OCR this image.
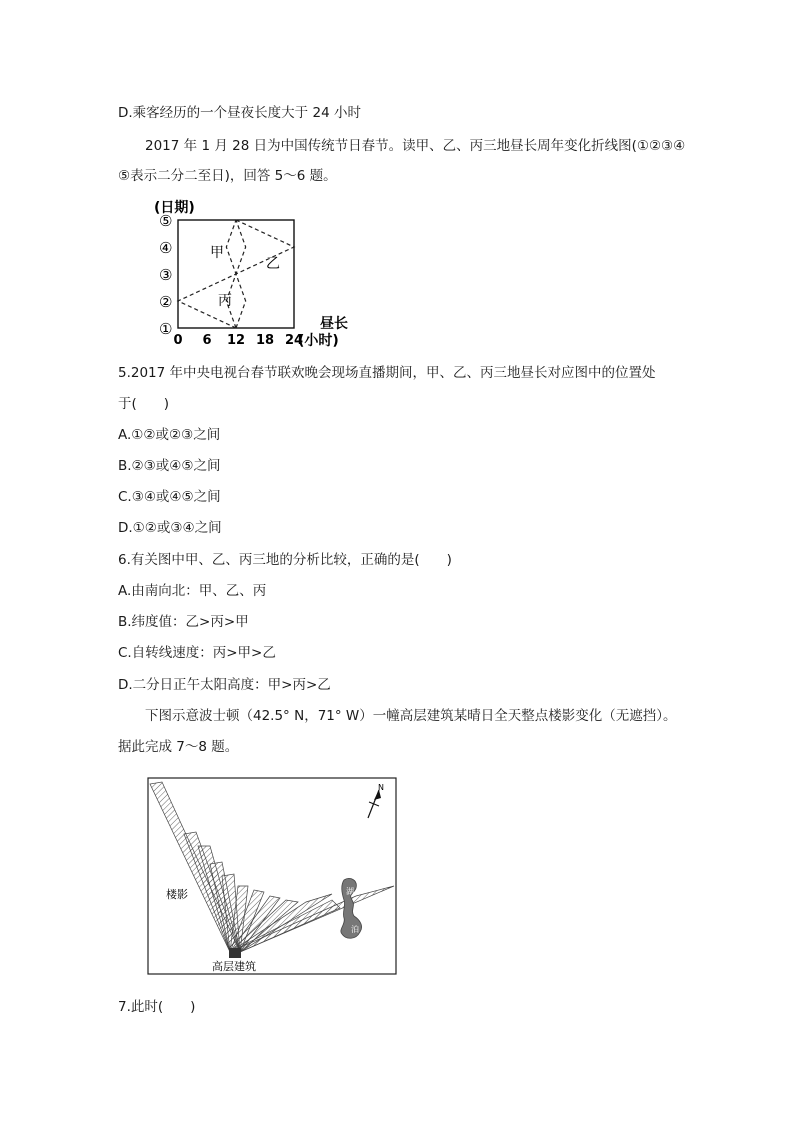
D.乘客经历的一个昼夜长度大于 24 小时
2017 年 1 月 28 日为中国传统节日春节。读甲、乙、丙三地昼长周年变化折线图(①②③④
⑤表示二分二至日)，回答 5～6 题。
(日期)
①
②
③
④
⑤
0 6 12 18 24
甲
乙
丙
昼长
(小时)
5.2017 年中央电视台春节联欢晚会现场直播期间，甲、乙、丙三地昼长对应图中的位置处
于(　　)
A.①②或②③之间
B.②③或④⑤之间
C.③④或④⑤之间
D.①②或③④之间
6.有关图中甲、乙、丙三地的分析比较，正确的是(　　)
A.由南向北：甲、乙、丙
B.纬度值：乙>丙>甲
C.自转线速度：丙>甲>乙
D.二分日正午太阳高度：甲>丙>乙
下图示意波士顿（42.5° N，71° W）一幢高层建筑某晴日全天整点楼影变化（无遮挡）。
据此完成 7～8 题。
湖
泊
高层建筑
楼影
N
7.此时(　　)
